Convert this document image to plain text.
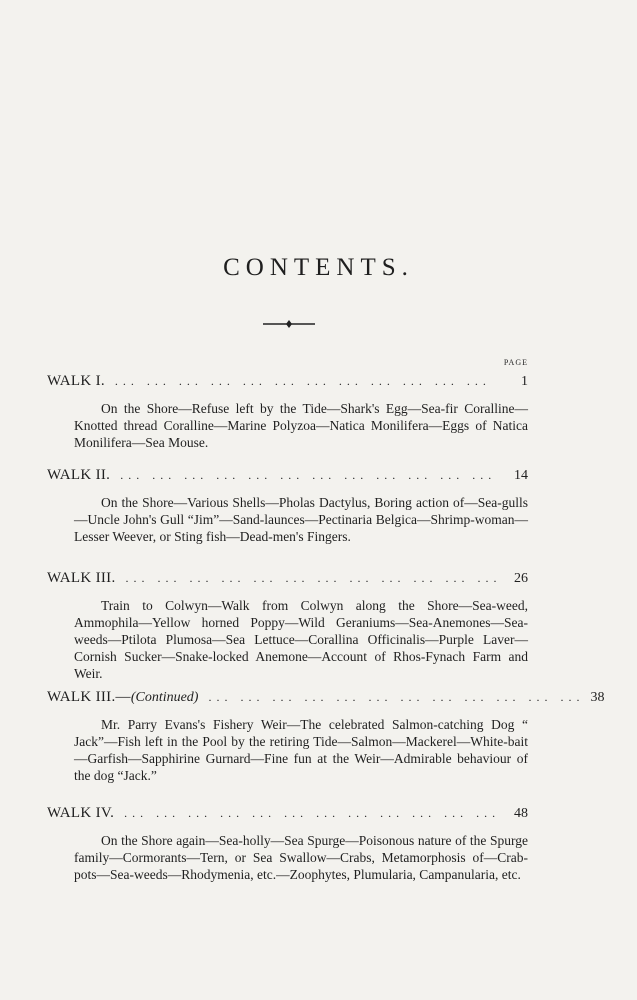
CONTENTS.
PAGE
WALK I. ... ... ... ... ... ... ... ... ... ... ... ...	1

On the Shore—Refuse left by the Tide—Shark's Egg—Sea-fir Coralline—Knotted thread Coralline—Marine Polyzoa—Natica Monilifera—Eggs of Natica Monilifera—Sea Mouse.

WALK II. ... ... ... ... ... ... ... ... ... ... ... ...	14

On the Shore—Various Shells—Pholas Dactylus, Boring action of—Sea-gulls—Uncle John's Gull “Jim”—Sand-launces—Pectinaria Belgica—Shrimp-woman—Lesser Weever, or Sting fish—Dead-men's Fingers.

WALK III. ... ... ... ... ... ... ... ... ... ... ... ... 26

Train to Colwyn—Walk from Colwyn along the Shore—Sea-weed, Ammophila—Yellow horned Poppy—Wild Geraniums—Sea-Anemones—Sea-weeds—Ptilota Plumosa—Sea Lettuce—Corallina Officinalis—Purple Laver—Cornish Sucker—Snake-locked Anemone—Account of Rhos-Fynach Farm and Weir.

WALK III.— (Continued) ... ... ... ... ... ... ... ... ... ... ... ... 38

Mr. Parry Evans's Fishery Weir—The celebrated Salmon-catching Dog “ Jack”—Fish left in the Pool by the retiring Tide—Salmon—Mackerel—White-bait—Garfish—Sapphirine Gurnard—Fine fun at the Weir—Admirable behaviour of the dog “Jack.”

WALK IV. ... ... ... ... ... ... ... ... ... ... ... ... 48

On the Shore again—Sea-holly—Sea Spurge—Poisonous nature of the Spurge family—Cormorants—Tern, or Sea Swallow—Crabs, Metamorphosis of—Crab-pots—Sea-weeds—Rhodymenia, etc.—Zoophytes, Plumularia, Campanularia, etc.
